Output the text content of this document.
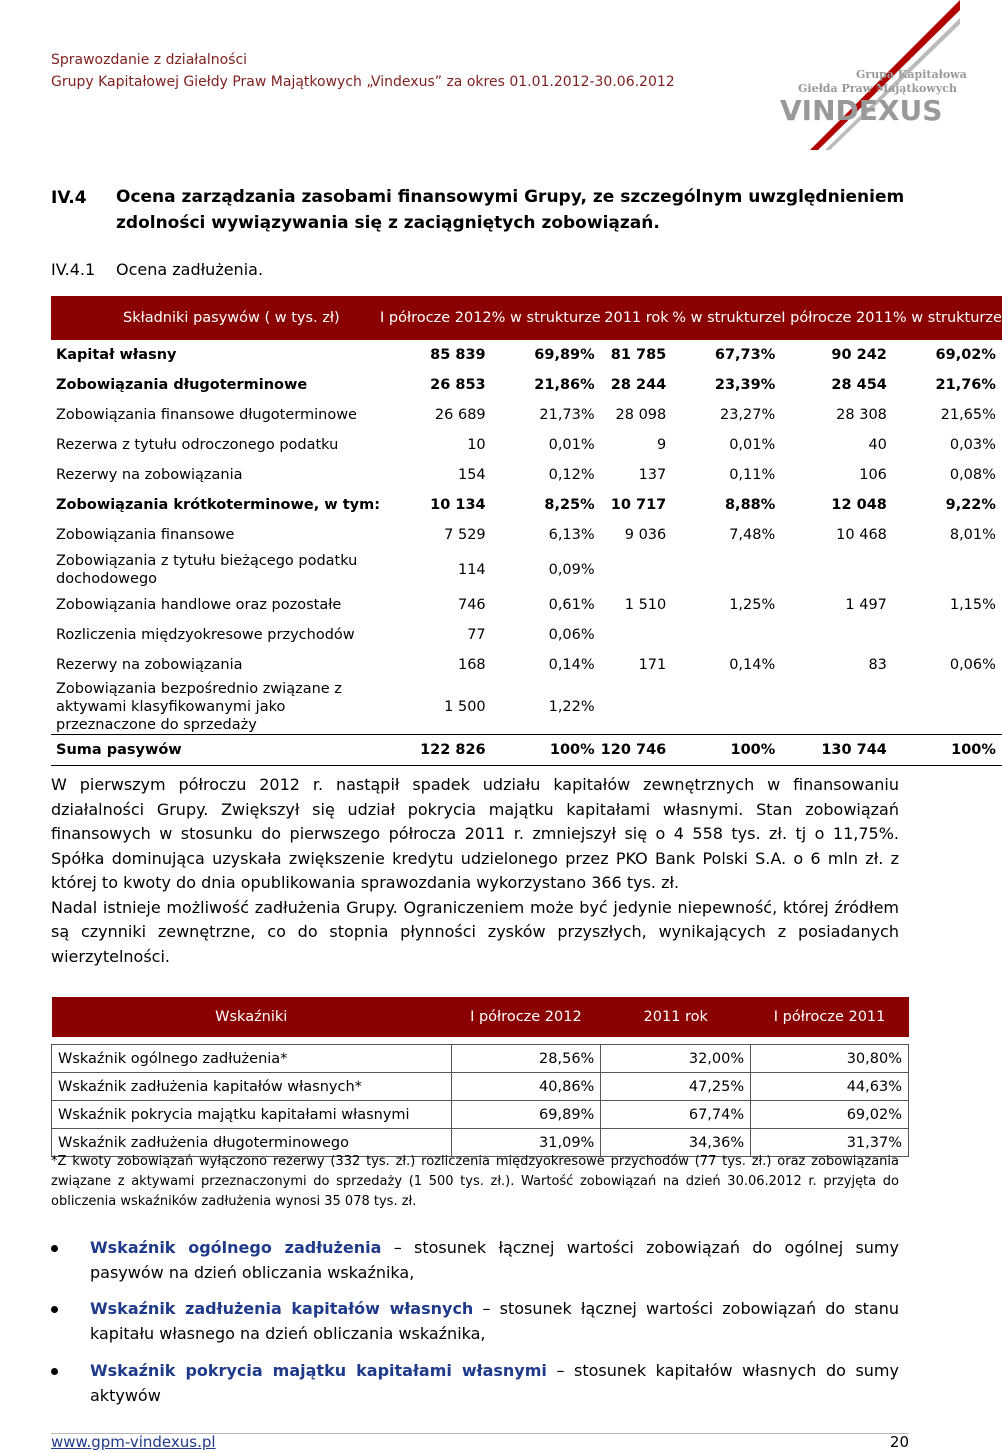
Sprawozdanie z działalności
Grupy Kapitałowej Giełdy Praw Majątkowych „Vindexus” za okres 01.01.2012-30.06.2012	Grupa Kapitałowa
Giełda Praw Majątkowych
VINDEXUS
IV.4 Ocena zarządzania zasobami finansowymi Grupy, ze szczególnym uwzględnieniem zdolności wywiązywania się z zaciągniętych zobowiązań.
IV.4.1 Ocena zadłużenia.
Składniki pasywów ( w tys. zł)	I półrocze 2012	% w strukturze	2011 rok	% w strukturze	I półrocze 2011	% w strukturze
Kapitał własny	85 839	69,89%	81 785	67,73%	90 242	69,02%
Zobowiązania długoterminowe	26 853	21,86%	28 244	23,39%	28 454	21,76%
Zobowiązania finansowe długoterminowe	26 689	21,73%	28 098	23,27%	28 308	21,65%
Rezerwa z tytułu odroczonego podatku	10	0,01%	9	0,01%	40	0,03%
Rezerwy na zobowiązania	154	0,12%	137	0,11%	106	0,08%
Zobowiązania krótkoterminowe, w tym:	10 134	8,25%	10 717	8,88%	12 048	9,22%
Zobowiązania finansowe	7 529	6,13%	9 036	7,48%	10 468	8,01%
Zobowiązania z tytułu bieżącego podatku dochodowego	114	0,09%				
Zobowiązania handlowe oraz pozostałe	746	0,61%	1 510	1,25%	1 497	1,15%
Rozliczenia międzyokresowe przychodów	77	0,06%				
Rezerwy na zobowiązania	168	0,14%	171	0,14%	83	0,06%
Zobowiązania bezpośrednio związane z aktywami klasyfikowanymi jako przeznaczone do sprzedaży	1 500	1,22%				
Suma pasywów	122 826	100%	120 746	100%	130 744	100%

W pierwszym półroczu 2012 r. nastąpił spadek udziału kapitałów zewnętrznych w finansowaniu działalności Grupy. Zwiększył się udział pokrycia majątku kapitałami własnymi. Stan zobowiązań finansowych w stosunku do pierwszego półrocza 2011 r. zmniejszył się o 4 558 tys. zł. tj o 11,75%. Spółka dominująca uzyskała zwiększenie kredytu udzielonego przez PKO Bank Polski S.A. o 6 mln zł. z której to kwoty do dnia opublikowania sprawozdania wykorzystano 366 tys. zł.

Nadal istnieje możliwość zadłużenia Grupy. Ograniczeniem może być jedynie niepewność, której źródłem są czynniki zewnętrzne, co do stopnia płynności zysków przyszłych, wynikających z posiadanych wierzytelności.

Wskaźniki	I półrocze 2012	2011 rok	I półrocze 2011

Wskaźnik ogólnego zadłużenia*	28,56%	32,00%	30,80%
Wskaźnik zadłużenia kapitałów własnych*	40,86%	47,25%	44,63%
Wskaźnik pokrycia majątku kapitałami własnymi	69,89%	67,74%	69,02%
Wskaźnik zadłużenia długoterminowego	31,09%	34,36%	31,37%
*Z kwoty zobowiązań wyłączono rezerwy (332 tys. zł.) rozliczenia międzyokresowe przychodów (77 tys. zł.) oraz zobowiązania związane z aktywami przeznaczonymi do sprzedaży (1 500 tys. zł.). Wartość zobowiązań na dzień 30.06.2012 r. przyjęta do obliczenia wskaźników zadłużenia wynosi 35 078 tys. zł.
Wskaźnik ogólnego zadłużenia – stosunek łącznej wartości zobowiązań do ogólnej sumy pasywów na dzień obliczania wskaźnika,
Wskaźnik zadłużenia kapitałów własnych – stosunek łącznej wartości zobowiązań do stanu kapitału własnego na dzień obliczania wskaźnika,
Wskaźnik pokrycia majątku kapitałami własnymi – stosunek kapitałów własnych do sumy aktywów
www.gpm-vindexus.pl	20
